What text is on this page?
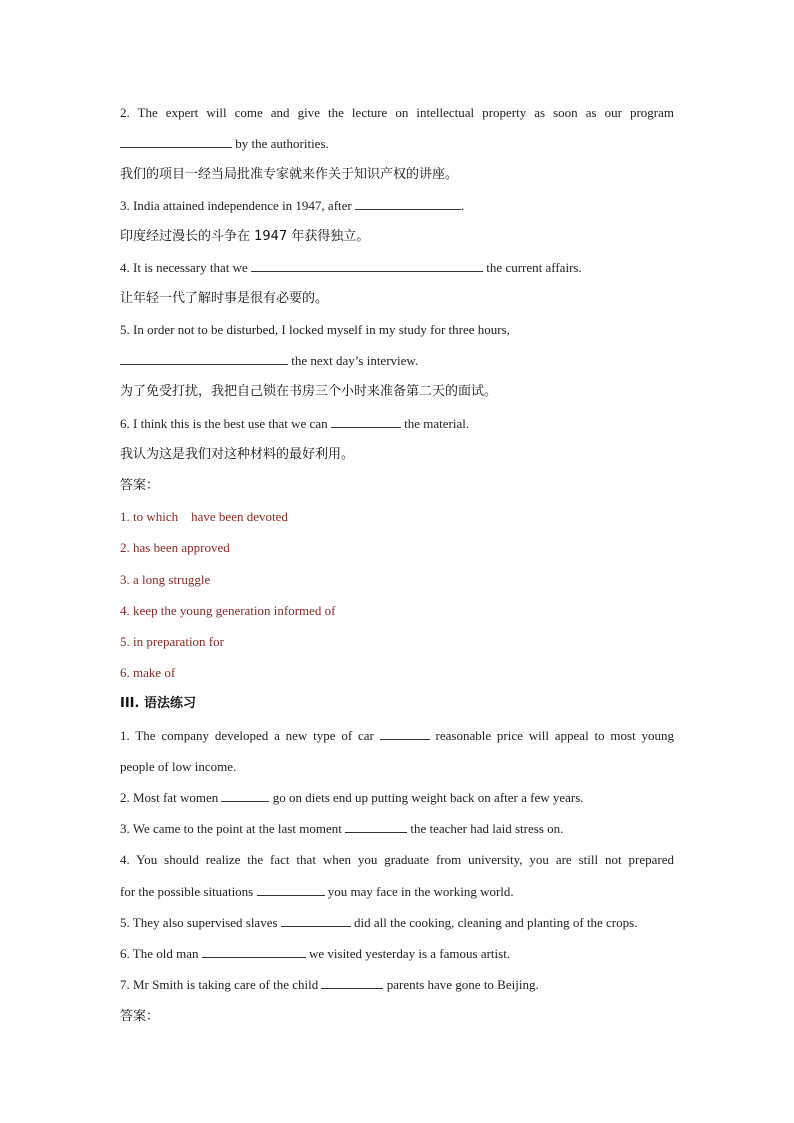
2. The expert will come and give the lecture on intellectual property as soon as our program
by the authorities.
我们的项目一经当局批准专家就来作关于知识产权的讲座。
3. India attained independence in 1947, after	.
印度经过漫长的斗争在 1947 年获得独立。
4. It is necessary that we	the current affairs.
让年轻一代了解时事是很有必要的。
5. In order not to be disturbed, I locked myself in my study for three hours,
the next day’s interview.
为了免受打扰，我把自己锁在书房三个小时来准备第二天的面试。
6. I think this is the best use that we can	the material.
我认为这是我们对这种材料的最好利用。
答案：
1. to which    have been devoted
2. has been approved
3. a long struggle
4. keep the young generation informed of
5. in preparation for
6. make of
III. 语法练习
1. The company developed a new type of car	reasonable price will appeal to most young
people of low income.
2. Most fat women	go on diets end up putting weight back on after a few years.
3. We came to the point at the last moment	the teacher had laid stress on.
4. You should realize the fact that when you graduate from university, you are still not prepared
for the possible situations	you may face in the working world.
5. They also supervised slaves	did all the cooking, cleaning and planting of the crops.
6. The old man	we visited yesterday is a famous artist.
7. Mr Smith is taking care of the child	parents have gone to Beijing.
答案：
